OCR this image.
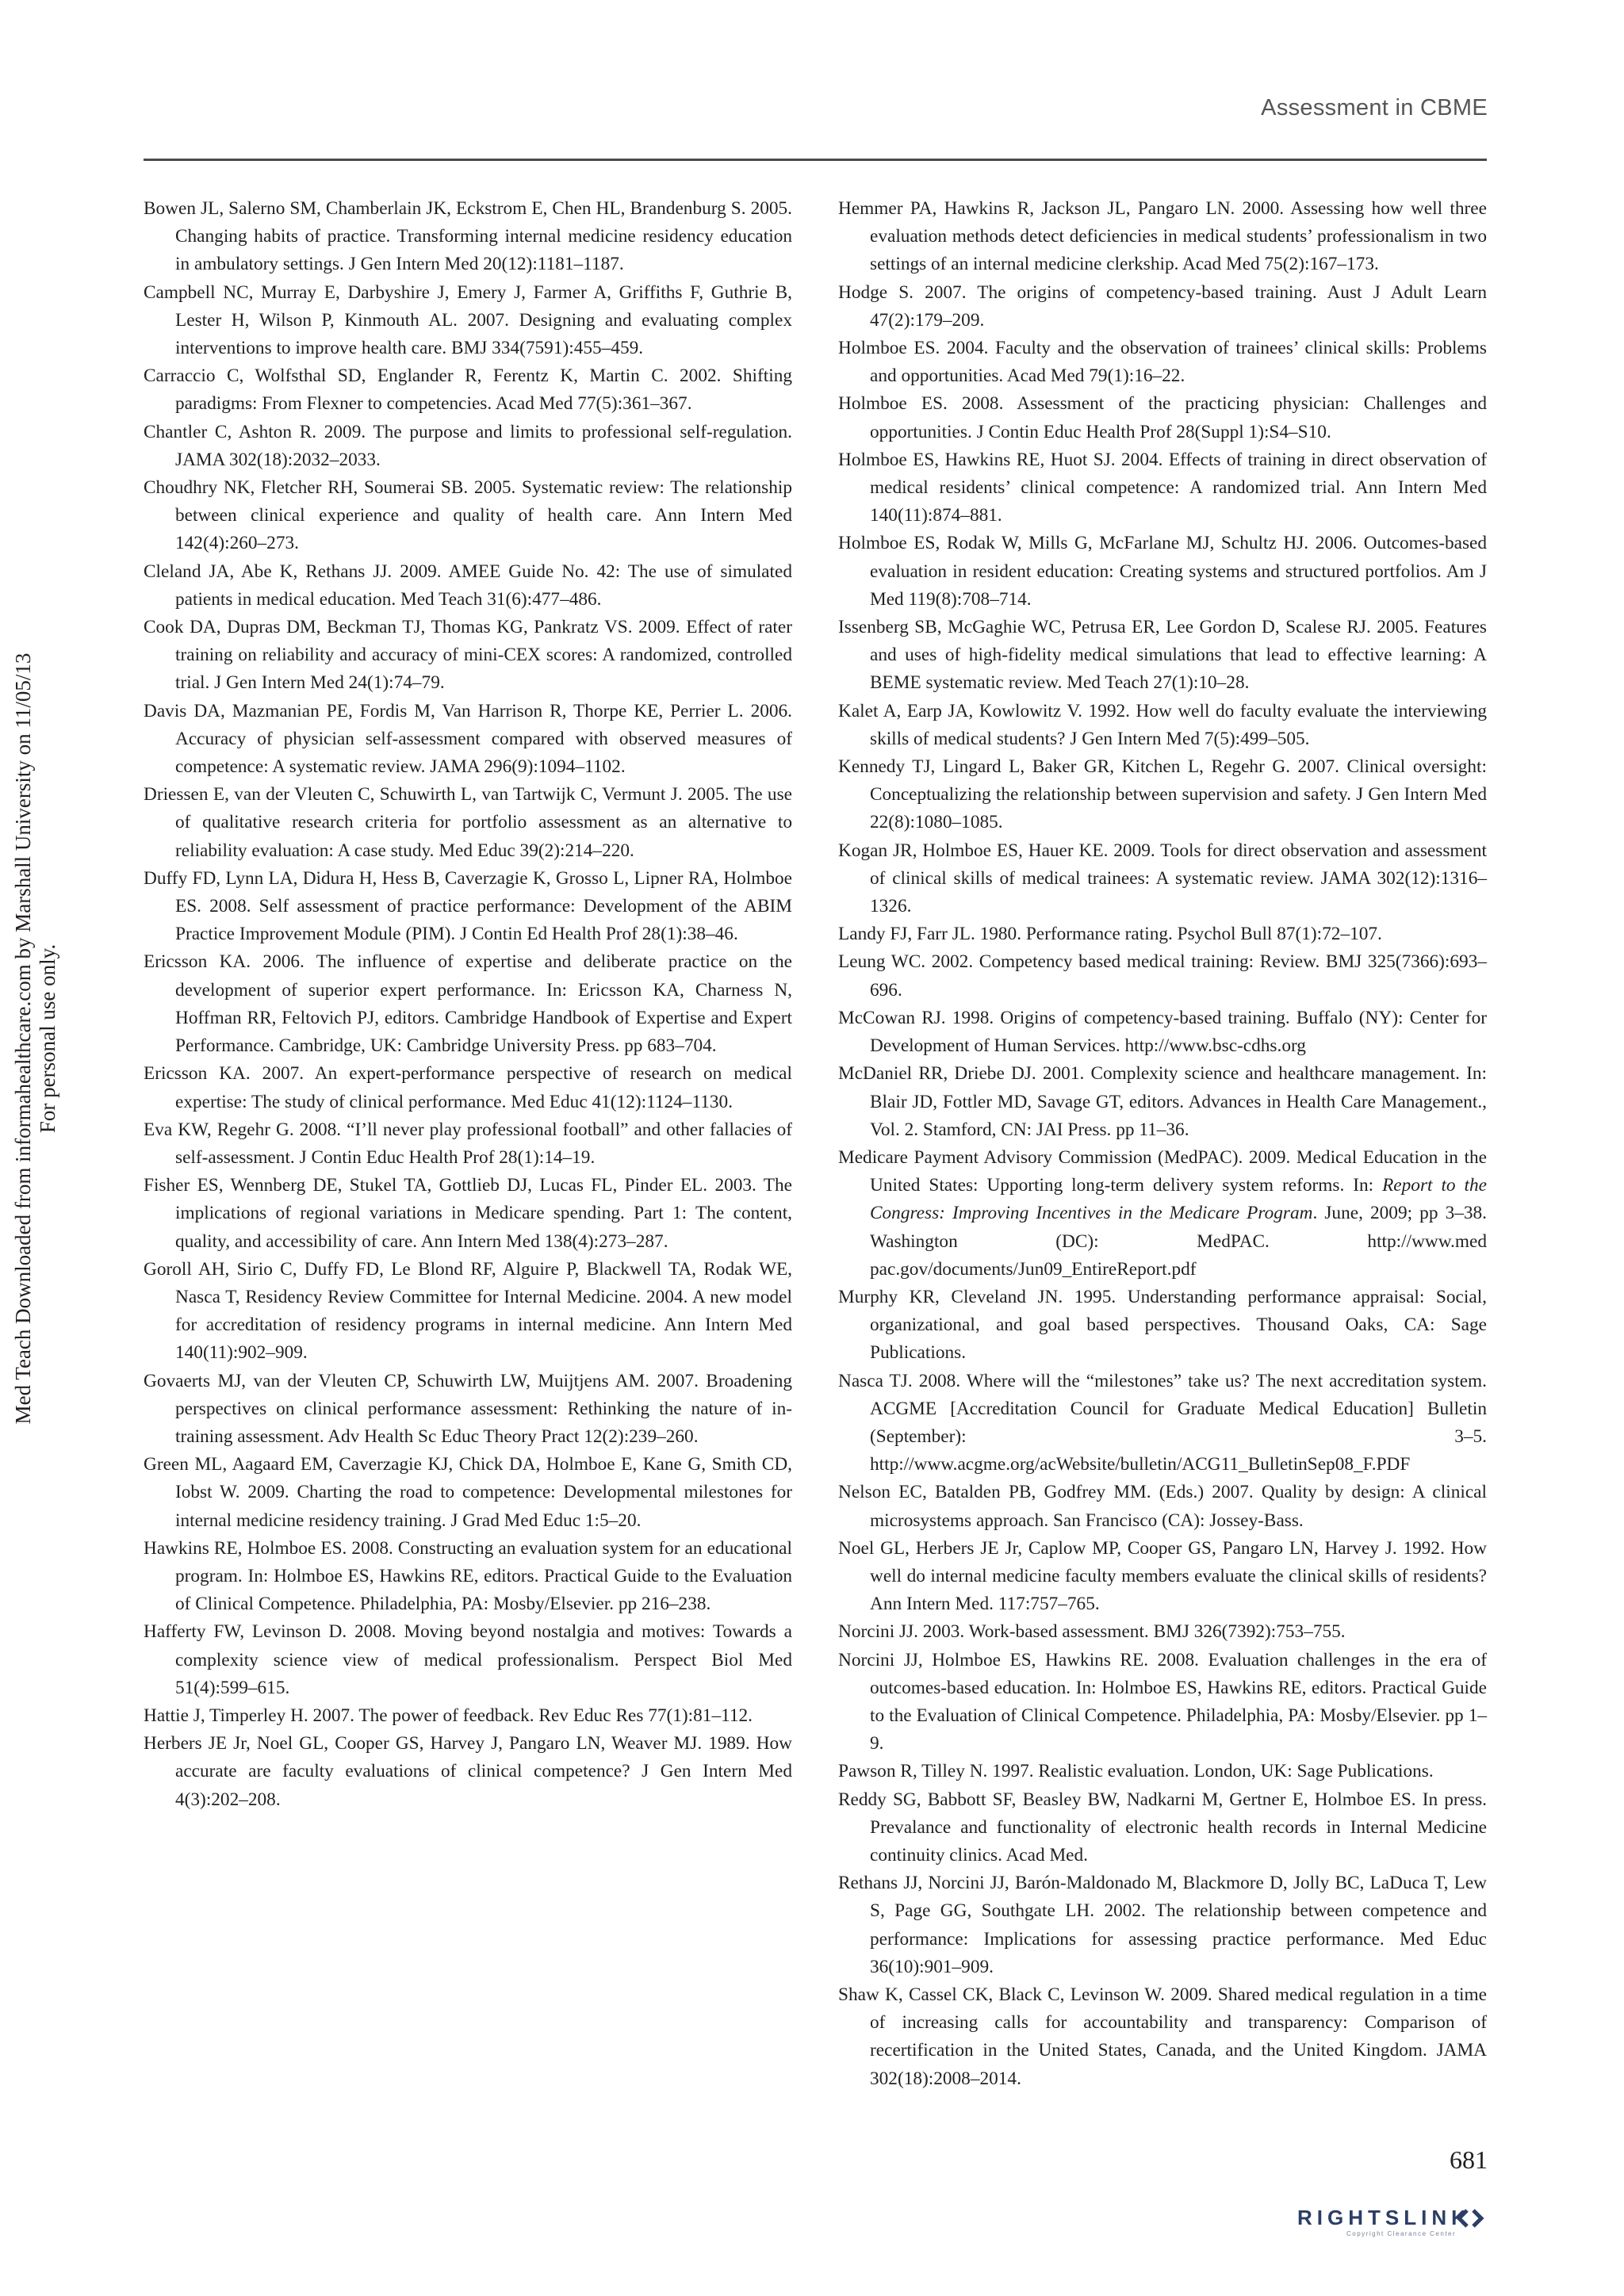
Assessment in CBME
Med Teach Downloaded from informahealthcare.com by Marshall University on 11/05/13 For personal use only.

Bowen JL, Salerno SM, Chamberlain JK, Eckstrom E, Chen HL, Brandenburg S. 2005. Changing habits of practice. Transforming internal medicine residency education in ambulatory settings. J Gen Intern Med 20(12):1181–1187.

Campbell NC, Murray E, Darbyshire J, Emery J, Farmer A, Griffiths F, Guthrie B, Lester H, Wilson P, Kinmouth AL. 2007. Designing and evaluating complex interventions to improve health care. BMJ 334(7591):455–459.

Carraccio C, Wolfsthal SD, Englander R, Ferentz K, Martin C. 2002. Shifting paradigms: From Flexner to competencies. Acad Med 77(5):361–367.

Chantler C, Ashton R. 2009. The purpose and limits to professional self-regulation. JAMA 302(18):2032–2033.

Choudhry NK, Fletcher RH, Soumerai SB. 2005. Systematic review: The relationship between clinical experience and quality of health care. Ann Intern Med 142(4):260–273.

Cleland JA, Abe K, Rethans JJ. 2009. AMEE Guide No. 42: The use of simulated patients in medical education. Med Teach 31(6):477–486.

Cook DA, Dupras DM, Beckman TJ, Thomas KG, Pankratz VS. 2009. Effect of rater training on reliability and accuracy of mini-CEX scores: A randomized, controlled trial. J Gen Intern Med 24(1):74–79.

Davis DA, Mazmanian PE, Fordis M, Van Harrison R, Thorpe KE, Perrier L. 2006. Accuracy of physician self-assessment compared with observed measures of competence: A systematic review. JAMA 296(9):1094–1102.

Driessen E, van der Vleuten C, Schuwirth L, van Tartwijk C, Vermunt J. 2005. The use of qualitative research criteria for portfolio assessment as an alternative to reliability evaluation: A case study. Med Educ 39(2):214–220.

Duffy FD, Lynn LA, Didura H, Hess B, Caverzagie K, Grosso L, Lipner RA, Holmboe ES. 2008. Self assessment of practice performance: Development of the ABIM Practice Improvement Module (PIM). J Contin Ed Health Prof 28(1):38–46.

Ericsson KA. 2006. The influence of expertise and deliberate practice on the development of superior expert performance. In: Ericsson KA, Charness N, Hoffman RR, Feltovich PJ, editors. Cambridge Handbook of Expertise and Expert Performance. Cambridge, UK: Cambridge University Press. pp 683–704.

Ericsson KA. 2007. An expert-performance perspective of research on medical expertise: The study of clinical performance. Med Educ 41(12):1124–1130.

Eva KW, Regehr G. 2008. “I’ll never play professional football” and other fallacies of self-assessment. J Contin Educ Health Prof 28(1):14–19.

Fisher ES, Wennberg DE, Stukel TA, Gottlieb DJ, Lucas FL, Pinder EL. 2003. The implications of regional variations in Medicare spending. Part 1: The content, quality, and accessibility of care. Ann Intern Med 138(4):273–287.

Goroll AH, Sirio C, Duffy FD, Le Blond RF, Alguire P, Blackwell TA, Rodak WE, Nasca T, Residency Review Committee for Internal Medicine. 2004. A new model for accreditation of residency programs in internal medicine. Ann Intern Med 140(11):902–909.

Govaerts MJ, van der Vleuten CP, Schuwirth LW, Muijtjens AM. 2007. Broadening perspectives on clinical performance assessment: Rethinking the nature of in-training assessment. Adv Health Sc Educ Theory Pract 12(2):239–260.

Green ML, Aagaard EM, Caverzagie KJ, Chick DA, Holmboe E, Kane G, Smith CD, Iobst W. 2009. Charting the road to competence: Developmental milestones for internal medicine residency training. J Grad Med Educ 1:5–20.

Hawkins RE, Holmboe ES. 2008. Constructing an evaluation system for an educational program. In: Holmboe ES, Hawkins RE, editors. Practical Guide to the Evaluation of Clinical Competence. Philadelphia, PA: Mosby/Elsevier. pp 216–238.

Hafferty FW, Levinson D. 2008. Moving beyond nostalgia and motives: Towards a complexity science view of medical professionalism. Perspect Biol Med 51(4):599–615.

Hattie J, Timperley H. 2007. The power of feedback. Rev Educ Res 77(1):81–112.

Herbers JE Jr, Noel GL, Cooper GS, Harvey J, Pangaro LN, Weaver MJ. 1989. How accurate are faculty evaluations of clinical competence? J Gen Intern Med 4(3):202–208.

Hemmer PA, Hawkins R, Jackson JL, Pangaro LN. 2000. Assessing how well three evaluation methods detect deficiencies in medical students’ professionalism in two settings of an internal medicine clerkship. Acad Med 75(2):167–173.

Hodge S. 2007. The origins of competency-based training. Aust J Adult Learn 47(2):179–209.

Holmboe ES. 2004. Faculty and the observation of trainees’ clinical skills: Problems and opportunities. Acad Med 79(1):16–22.

Holmboe ES. 2008. Assessment of the practicing physician: Challenges and opportunities. J Contin Educ Health Prof 28(Suppl 1):S4–S10.

Holmboe ES, Hawkins RE, Huot SJ. 2004. Effects of training in direct observation of medical residents’ clinical competence: A randomized trial. Ann Intern Med 140(11):874–881.

Holmboe ES, Rodak W, Mills G, McFarlane MJ, Schultz HJ. 2006. Outcomes-based evaluation in resident education: Creating systems and structured portfolios. Am J Med 119(8):708–714.

Issenberg SB, McGaghie WC, Petrusa ER, Lee Gordon D, Scalese RJ. 2005. Features and uses of high-fidelity medical simulations that lead to effective learning: A BEME systematic review. Med Teach 27(1):10–28.

Kalet A, Earp JA, Kowlowitz V. 1992. How well do faculty evaluate the interviewing skills of medical students? J Gen Intern Med 7(5):499–505.

Kennedy TJ, Lingard L, Baker GR, Kitchen L, Regehr G. 2007. Clinical oversight: Conceptualizing the relationship between supervision and safety. J Gen Intern Med 22(8):1080–1085.

Kogan JR, Holmboe ES, Hauer KE. 2009. Tools for direct observation and assessment of clinical skills of medical trainees: A systematic review. JAMA 302(12):1316–1326.

Landy FJ, Farr JL. 1980. Performance rating. Psychol Bull 87(1):72–107.

Leung WC. 2002. Competency based medical training: Review. BMJ 325(7366):693–696.

McCowan RJ. 1998. Origins of competency-based training. Buffalo (NY): Center for Development of Human Services. http://www.bsc-cdhs.org

McDaniel RR, Driebe DJ. 2001. Complexity science and healthcare management. In: Blair JD, Fottler MD, Savage GT, editors. Advances in Health Care Management., Vol. 2. Stamford, CN: JAI Press. pp 11–36.

Medicare Payment Advisory Commission (MedPAC). 2009. Medical Education in the United States: Upporting long-term delivery system reforms. In: Report to the Congress: Improving Incentives in the Medicare Program. June, 2009; pp 3–38. Washington (DC): MedPAC. http://www.med pac.gov/documents/Jun09_EntireReport.pdf

Murphy KR, Cleveland JN. 1995. Understanding performance appraisal: Social, organizational, and goal based perspectives. Thousand Oaks, CA: Sage Publications.

Nasca TJ. 2008. Where will the “milestones” take us? The next accreditation system. ACGME [Accreditation Council for Graduate Medical Education] Bulletin (September): 3–5. http://www.acgme.org/acWebsite/bulletin/ACG11_BulletinSep08_F.PDF

Nelson EC, Batalden PB, Godfrey MM. (Eds.) 2007. Quality by design: A clinical microsystems approach. San Francisco (CA): Jossey-Bass.

Noel GL, Herbers JE Jr, Caplow MP, Cooper GS, Pangaro LN, Harvey J. 1992. How well do internal medicine faculty members evaluate the clinical skills of residents? Ann Intern Med. 117:757–765.

Norcini JJ. 2003. Work-based assessment. BMJ 326(7392):753–755.

Norcini JJ, Holmboe ES, Hawkins RE. 2008. Evaluation challenges in the era of outcomes-based education. In: Holmboe ES, Hawkins RE, editors. Practical Guide to the Evaluation of Clinical Competence. Philadelphia, PA: Mosby/Elsevier. pp 1–9.

Pawson R, Tilley N. 1997. Realistic evaluation. London, UK: Sage Publications.

Reddy SG, Babbott SF, Beasley BW, Nadkarni M, Gertner E, Holmboe ES. In press. Prevalance and functionality of electronic health records in Internal Medicine continuity clinics. Acad Med.

Rethans JJ, Norcini JJ, Barón-Maldonado M, Blackmore D, Jolly BC, LaDuca T, Lew S, Page GG, Southgate LH. 2002. The relationship between competence and performance: Implications for assessing practice performance. Med Educ 36(10):901–909.

Shaw K, Cassel CK, Black C, Levinson W. 2009. Shared medical regulation in a time of increasing calls for accountability and transparency: Comparison of recertification in the United States, Canada, and the United Kingdom. JAMA 302(18):2008–2014.

681
RIGHTSLINK
Copyright Clearance Center
